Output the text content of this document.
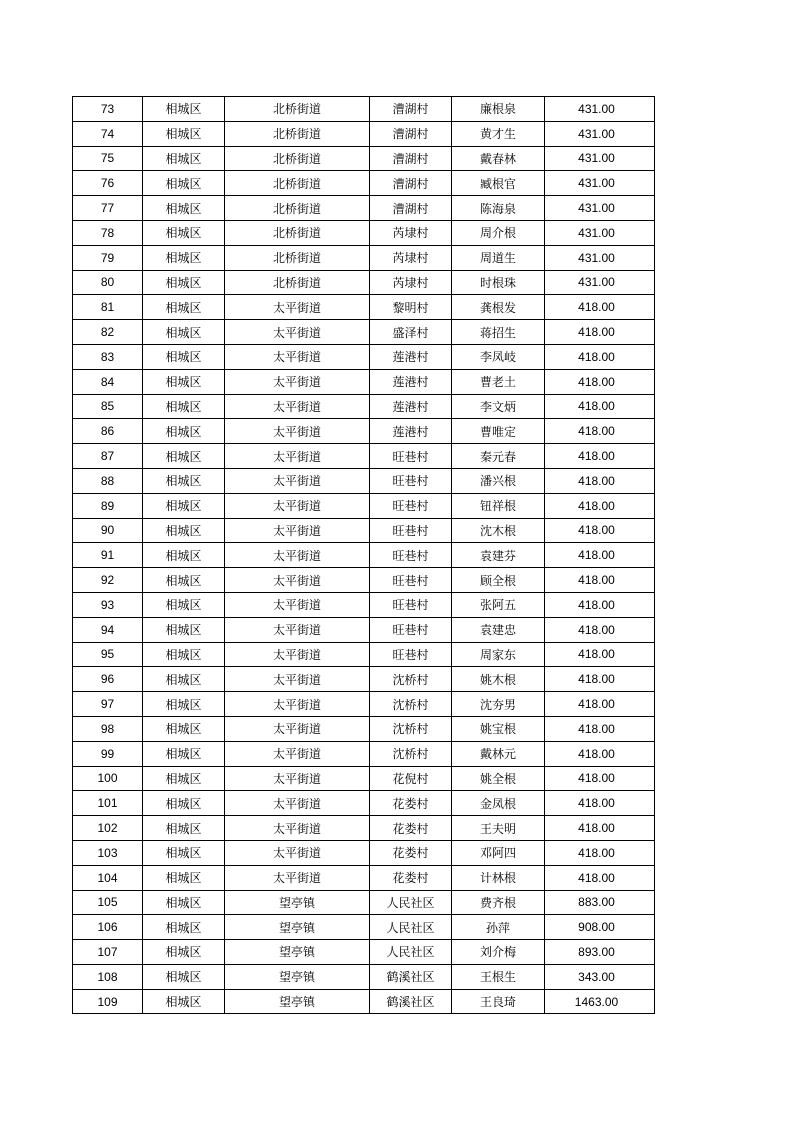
73	相城区	北桥街道	漕湖村	廉根泉	431.00
74	相城区	北桥街道	漕湖村	黄才生	431.00
75	相城区	北桥街道	漕湖村	戴春林	431.00
76	相城区	北桥街道	漕湖村	臧根官	431.00
77	相城区	北桥街道	漕湖村	陈海泉	431.00
78	相城区	北桥街道	芮埭村	周介根	431.00
79	相城区	北桥街道	芮埭村	周道生	431.00
80	相城区	北桥街道	芮埭村	时根珠	431.00
81	相城区	太平街道	黎明村	龚根发	418.00
82	相城区	太平街道	盛泽村	蒋招生	418.00
83	相城区	太平街道	莲港村	李凤岐	418.00
84	相城区	太平街道	莲港村	曹老土	418.00
85	相城区	太平街道	莲港村	李文炳	418.00
86	相城区	太平街道	莲港村	曹唯定	418.00
87	相城区	太平街道	旺巷村	秦元春	418.00
88	相城区	太平街道	旺巷村	潘兴根	418.00
89	相城区	太平街道	旺巷村	钮祥根	418.00
90	相城区	太平街道	旺巷村	沈木根	418.00
91	相城区	太平街道	旺巷村	袁建芬	418.00
92	相城区	太平街道	旺巷村	顾全根	418.00
93	相城区	太平街道	旺巷村	张阿五	418.00
94	相城区	太平街道	旺巷村	袁建忠	418.00
95	相城区	太平街道	旺巷村	周家东	418.00
96	相城区	太平街道	沈桥村	姚木根	418.00
97	相城区	太平街道	沈桥村	沈夯男	418.00
98	相城区	太平街道	沈桥村	姚宝根	418.00
99	相城区	太平街道	沈桥村	戴林元	418.00
100	相城区	太平街道	花倪村	姚全根	418.00
101	相城区	太平街道	花娄村	金凤根	418.00
102	相城区	太平街道	花娄村	王夫明	418.00
103	相城区	太平街道	花娄村	邓阿四	418.00
104	相城区	太平街道	花娄村	计林根	418.00
105	相城区	望亭镇	人民社区	费齐根	883.00
106	相城区	望亭镇	人民社区	孙萍	908.00
107	相城区	望亭镇	人民社区	刘介梅	893.00
108	相城区	望亭镇	鹤溪社区	王根生	343.00
109	相城区	望亭镇	鹤溪社区	王良琦	1463.00
